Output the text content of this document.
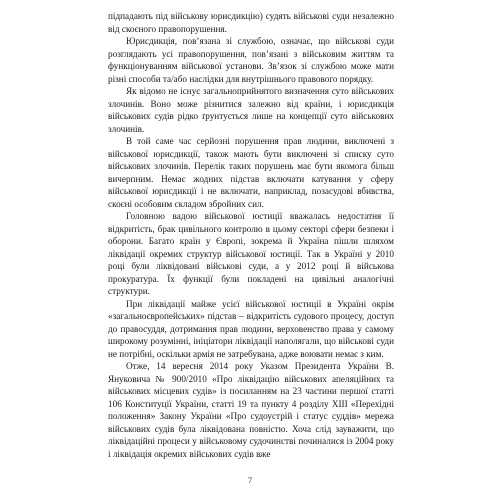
підпадають під військову юрисдикцію) судять військові суди незалежно від скоєного правопорушення.

Юрисдикція, пов’язана зі службою, означає, що військові суди розглядають усі правопорушення, пов’язані з військовим життям та функціонуванням військової установи. Зв’язок зі службою може мати різні способи та/або наслідки для внутрішнього правового порядку.

Як відомо не існує загальноприйнятого визначення суто військових злочинів. Воно може різнитися залежно від країни, і юрисдикція військових судів рідко ґрунтується лише на концепції суто військових злочинів.

В той саме час серйозні порушення прав людини, виключені з військової юрисдикції, також мають бути виключені зі списку суто військових злочинів. Перелік таких порушень має бути якомога більш вичерпним. Немає жодних підстав включати катування у сферу військової юрисдикції і не включати, наприклад, позасудові вбивства, скоєні особовим складом збройних сил.

Головною вадою військової юстиції вважалась недостатня її відкритість, брак цивільного контролю в цьому секторі сфери безпеки і оборони. Багато країн у Європі, зокрема й Україна пішли шляхом ліквідації окремих структур військової юстиції. Так в Україні у 2010 році були ліквідовані військові суди, а у 2012 році й військова прокуратура. Їх функції були покладені на цивільні аналогічні структури.

При ліквідації майже усієї військової юстиції в Україні окрім «загальноєвропейських» підстав – відкритість судового процесу, доступ до правосуддя, дотримання прав людини, верховенство права у самому широкому розумінні, ініціатори ліквідації наполягали, що військові суди не потрібні, оскільки армія не затребувана, адже воювати немає з ким.

Отже, 14 вересня 2014 року Указом Президента України В. Януковича № 900/2010 «Про ліквідацію військових апеляційних та військових місцевих судів» із посиланням на 23 частини першої статті 106 Конституції України, статті 19 та пункту 4 розділу XIII «Перехідні положення» Закону України «Про судоустрій і статус суддів» мережа військових судів була ліквідована повністю. Хоча слід зауважити, що ліквідаційні процеси у військовому судочинстві починалися із 2004 року і ліквідація окремих військових судів вже

7
